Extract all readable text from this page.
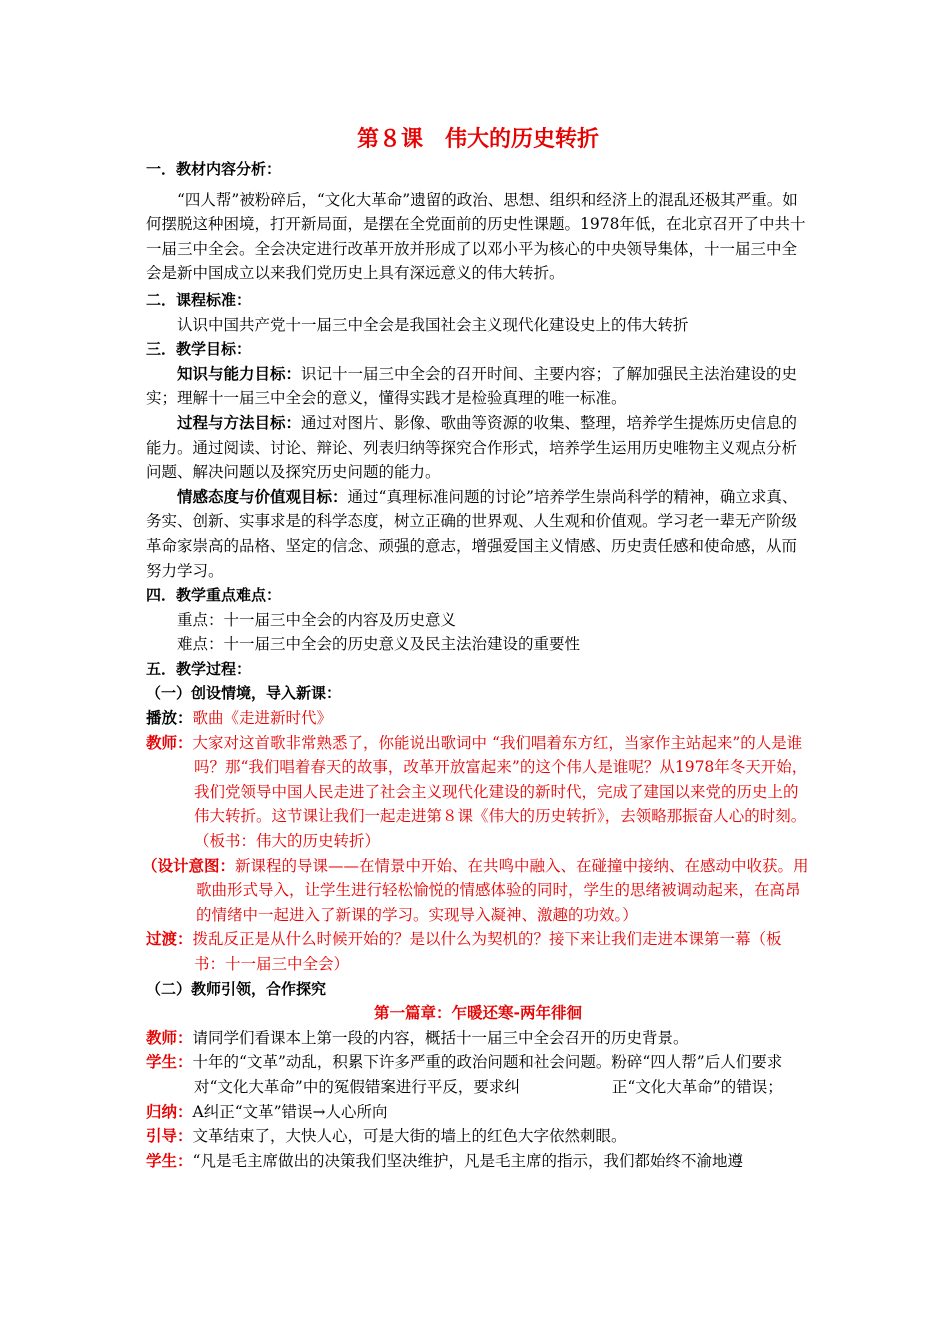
第８课　伟大的历史转折

一．教材内容分析：

“四人帮”被粉碎后，“文化大革命”遗留的政治、思想、组织和经济上的混乱还极其严重。如何摆脱这种困境，打开新局面，是摆在全党面前的历史性课题。1978年低，在北京召开了中共十一届三中全会。全会决定进行改革开放并形成了以邓小平为核心的中央领导集体，十一届三中全会是新中国成立以来我们党历史上具有深远意义的伟大转折。

二．课程标准：

认识中国共产党十一届三中全会是我国社会主义现代化建设史上的伟大转折

三．教学目标：

知识与能力目标：识记十一届三中全会的召开时间、主要内容；了解加强民主法治建设的史实；理解十一届三中全会的意义，懂得实践才是检验真理的唯一标准。

过程与方法目标：通过对图片、影像、歌曲等资源的收集、整理，培养学生提炼历史信息的能力。通过阅读、讨论、辩论、列表归纳等探究合作形式，培养学生运用历史唯物主义观点分析问题、解决问题以及探究历史问题的能力。

情感态度与价值观目标：通过“真理标准问题的讨论”培养学生崇尚科学的精神，确立求真、务实、创新、实事求是的科学态度，树立正确的世界观、人生观和价值观。学习老一辈无产阶级革命家崇高的品格、坚定的信念、顽强的意志，增强爱国主义情感、历史责任感和使命感，从而努力学习。

四．教学重点难点：

重点：十一届三中全会的内容及历史意义

难点：十一届三中全会的历史意义及民主法治建设的重要性

五．教学过程：

（一）创设情境，导入新课：

播放：歌曲《走进新时代》

教师：大家对这首歌非常熟悉了，你能说出歌词中 “我们唱着东方红，当家作主站起来”的人是谁吗？那“我们唱着春天的故事，改革开放富起来”的这个伟人是谁呢？从1978年冬天开始，我们党领导中国人民走进了社会主义现代化建设的新时代，完成了建国以来党的历史上的伟大转折。这节课让我们一起走进第８课《伟大的历史转折》，去领略那振奋人心的时刻。（板书：伟大的历史转折）

（设计意图：新课程的导课——在情景中开始、在共鸣中融入、在碰撞中接纳、在感动中收获。用歌曲形式导入，让学生进行轻松愉悦的情感体验的同时，学生的思绪被调动起来，在高昂的情绪中一起进入了新课的学习。实现导入凝神、激趣的功效。）

过渡：拨乱反正是从什么时候开始的？是以什么为契机的？接下来让我们走进本课第一幕（板书：十一届三中全会）

（二）教师引领，合作探究

第一篇章：乍暖还寒-两年徘徊

教师：请同学们看课本上第一段的内容，概括十一届三中全会召开的历史背景。

学生：十年的“文革”动乱，积累下许多严重的政治问题和社会问题。粉碎“四人帮”后人们要求对“文化大革命”中的冤假错案进行平反，要求纠	正“文化大革命”的错误；

归纳：A纠正“文革”错误→人心所向

引导：文革结束了，大快人心，可是大街的墙上的红色大字依然刺眼。

学生：“凡是毛主席做出的决策我们坚决维护，凡是毛主席的指示，我们都始终不渝地遵
